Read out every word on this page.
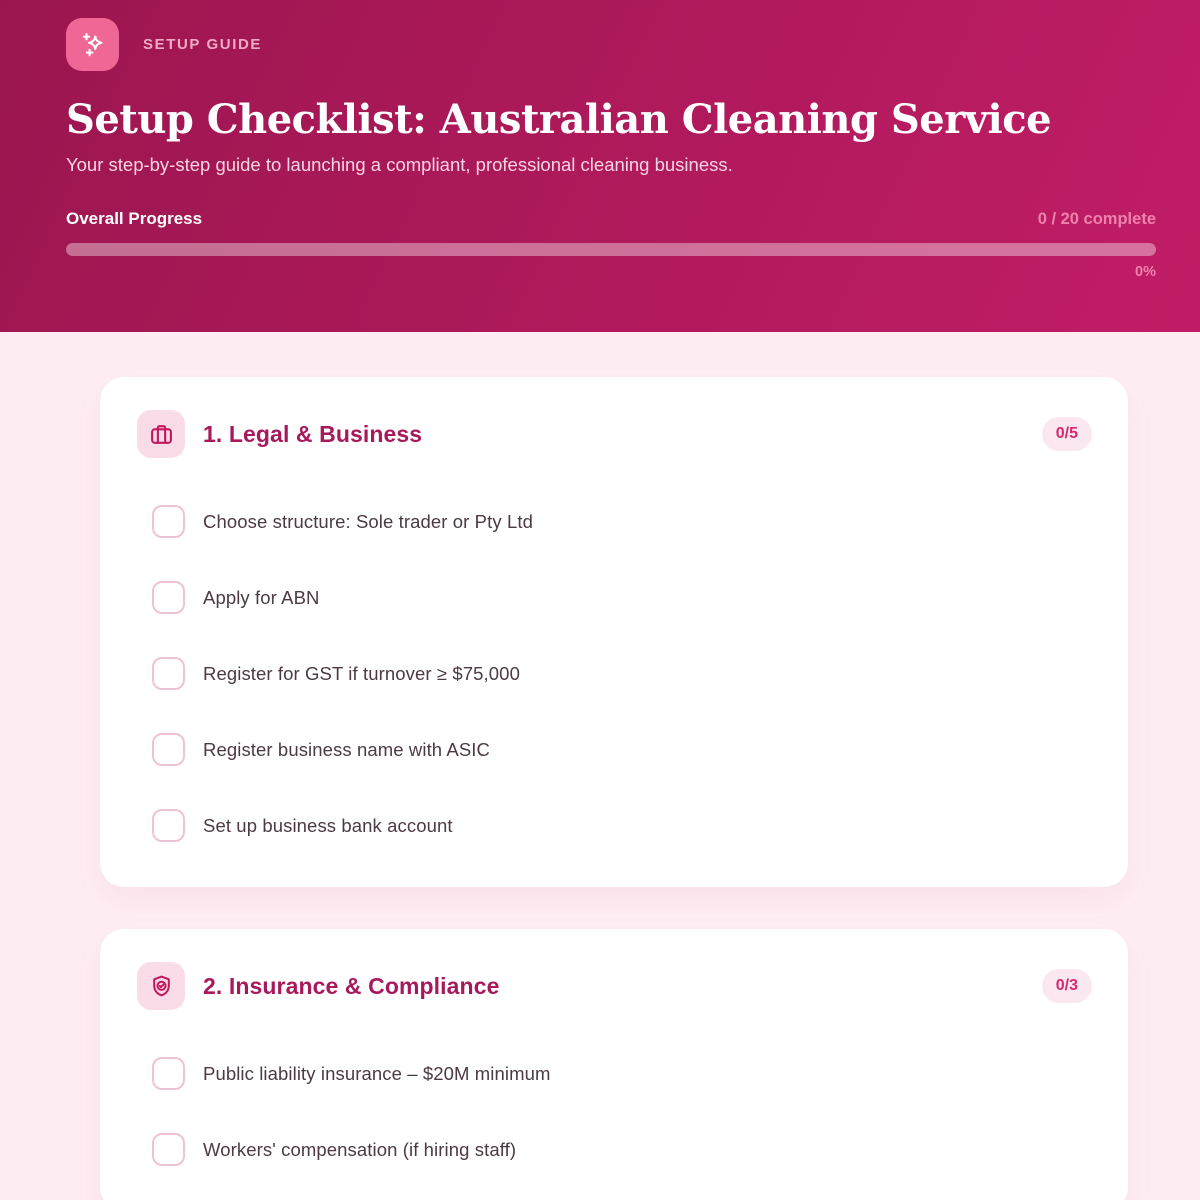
SETUP GUIDE
Setup Checklist: Australian Cleaning Service

Your step-by-step guide to launching a compliant, professional cleaning business.

Overall Progress	0 / 20 complete
0%
1. Legal & Business	0/5
Choose structure: Sole trader or Pty Ltd
Apply for ABN
Register for GST if turnover ≥ $75,000
Register business name with ASIC
Set up business bank account
2. Insurance & Compliance	0/3
Public liability insurance – $20M minimum
Workers' compensation (if hiring staff)
